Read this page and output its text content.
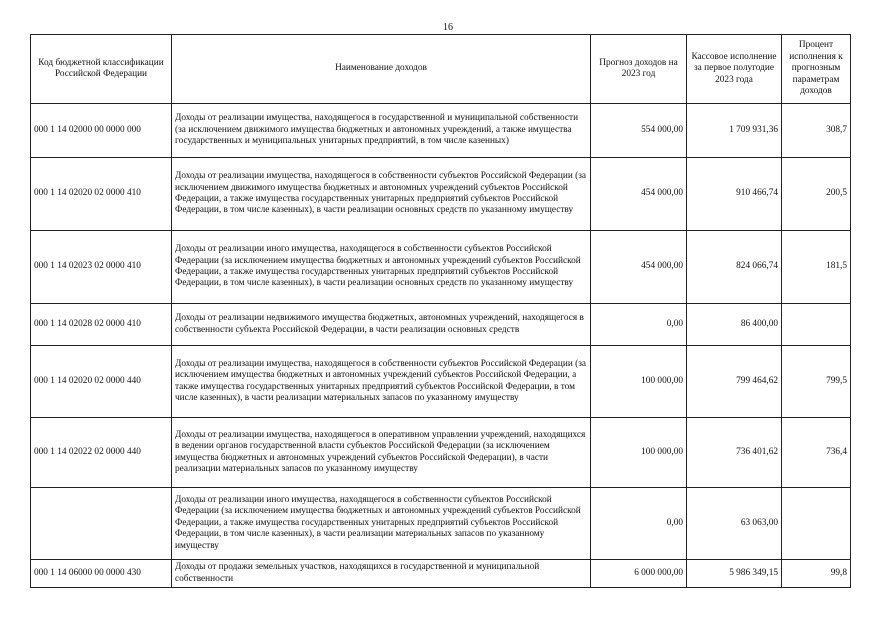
16
Код бюджетной классификации Российской Федерации	Наименование доходов	Прогноз доходов на 2023 год	Кассовое исполнение за первое полугодие 2023 года	Процент исполнения к прогнозным параметрам доходов
000 1 14 02000 00 0000 000	Доходы от реализации имущества, находящегося в государственной и муниципальной собственности (за исключением движимого имущества бюджетных и автономных учреждений, а также имущества государственных и муниципальных унитарных предприятий, в том числе казенных)	554 000,00	1 709 931,36	308,7
000 1 14 02020 02 0000 410	Доходы от реализации имущества, находящегося в собственности субъектов Российской Федерации (за исключением движимого имущества бюджетных и автономных учреждений субъектов Российской Федерации, а также имущества государственных унитарных предприятий субъектов Российской Федерации, в том числе казенных), в части реализации основных средств по указанному имуществу	454 000,00	910 466,74	200,5
000 1 14 02023 02 0000 410	Доходы от реализации иного имущества, находящегося в собственности субъектов Российской Федерации (за исключением имущества бюджетных и автономных учреждений субъектов Российской Федерации, а также имущества государственных унитарных предприятий субъектов Российской Федерации, в том числе казенных), в части реализации основных средств по указанному имуществу	454 000,00	824 066,74	181,5
000 1 14 02028 02 0000 410	Доходы от реализации недвижимого имущества бюджетных, автономных учреждений, находящегося в собственности субъекта Российской Федерации, в части реализации основных средств	0,00	86 400,00	
000 1 14 02020 02 0000 440	Доходы от реализации имущества, находящегося в собственности субъектов Российской Федерации (за исключением имущества бюджетных и автономных учреждений субъектов Российской Федерации, а также имущества государственных унитарных предприятий субъектов Российской Федерации, в том числе казенных), в части реализации материальных запасов по указанному имуществу	100 000,00	799 464,62	799,5
000 1 14 02022 02 0000 440	Доходы от реализации имущества, находящегося в оперативном управлении учреждений, находящихся в ведении органов государственной власти субъектов Российской Федерации (за исключением имущества бюджетных и автономных учреждений субъектов Российской Федерации), в части реализации материальных запасов по указанному имуществу	100 000,00	736 401,62	736,4
	Доходы от реализации иного имущества, находящегося в собственности субъектов Российской Федерации (за исключением имущества бюджетных и автономных учреждений субъектов Российской Федерации, а также имущества государственных унитарных предприятий субъектов Российской Федерации, в том числе казенных), в части реализации материальных запасов по указанному имуществу	0,00	63 063,00	
000 1 14 06000 00 0000 430	Доходы от продажи земельных участков, находящихся в государственной и муниципальной собственности	6 000 000,00	5 986 349,15	99,8
